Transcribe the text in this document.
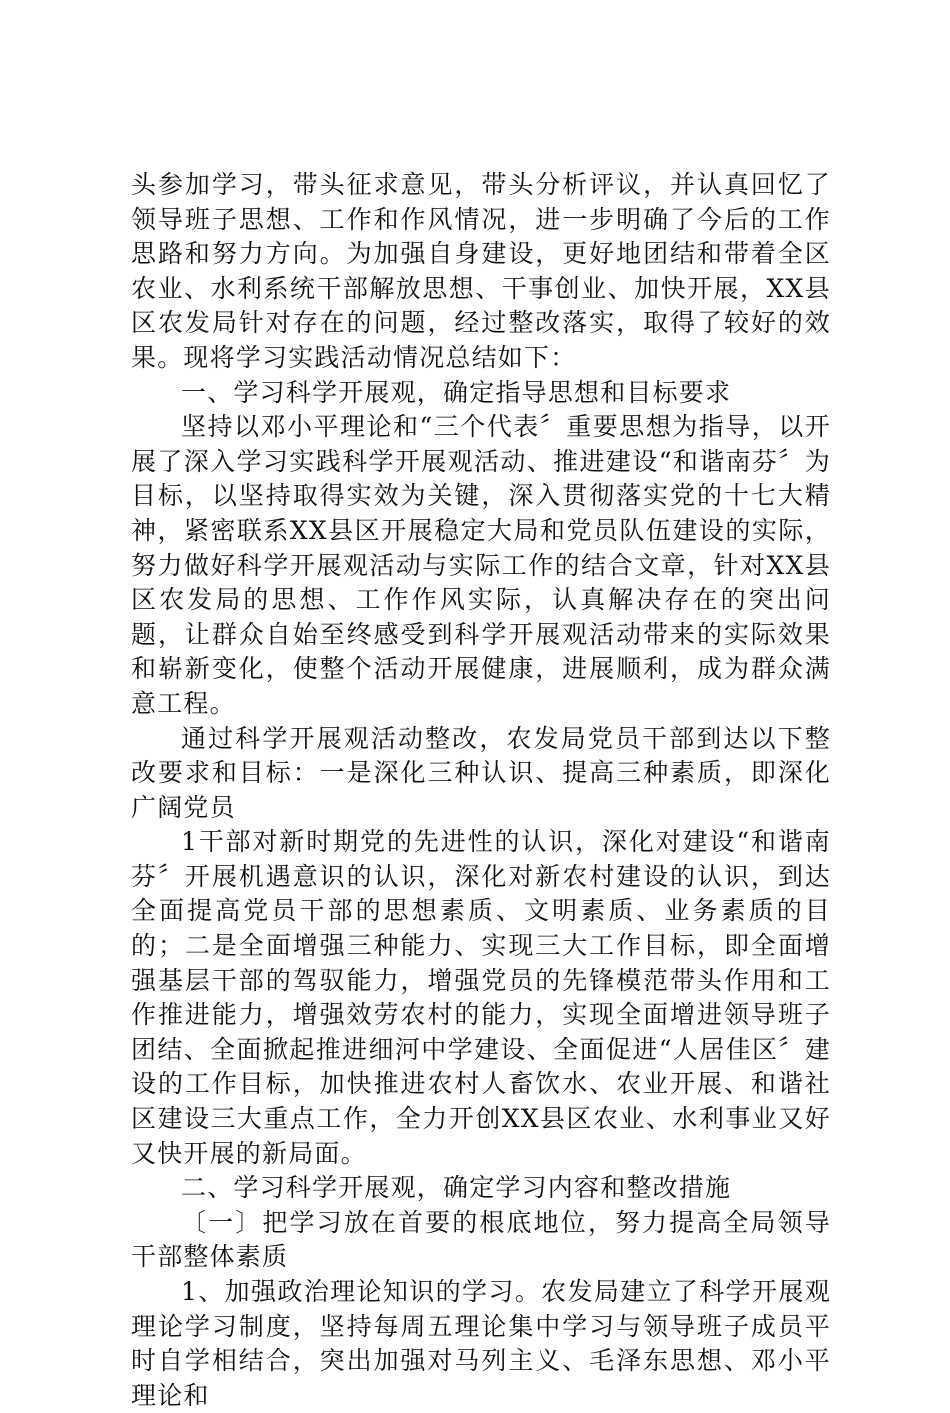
头参加学习，带头征求意见，带头分析评议，并认真回忆了领导班子思想、工作和作风情况，进一步明确了今后的工作思路和努力方向。为加强自身建设，更好地团结和带着全区农业、水利系统干部解放思想、干事创业、加快开展，XX县区农发局针对存在的问题，经过整改落实，取得了较好的效果。现将学习实践活动情况总结如下：

一、学习科学开展观，确定指导思想和目标要求

坚持以邓小平理论和“三个代表〞重要思想为指导，以开展了深入学习实践科学开展观活动、推进建设“和谐南芬〞为目标，以坚持取得实效为关键，深入贯彻落实党的十七大精神，紧密联系XX县区开展稳定大局和党员队伍建设的实际，努力做好科学开展观活动与实际工作的结合文章，针对XX县区农发局的思想、工作作风实际，认真解决存在的突出问题，让群众自始至终感受到科学开展观活动带来的实际效果和崭新变化，使整个活动开展健康，进展顺利，成为群众满意工程。

通过科学开展观活动整改，农发局党员干部到达以下整改要求和目标：一是深化三种认识、提高三种素质，即深化广阔党员

1干部对新时期党的先进性的认识，深化对建设“和谐南芬〞开展机遇意识的认识，深化对新农村建设的认识，到达全面提高党员干部的思想素质、文明素质、业务素质的目的；二是全面增强三种能力、实现三大工作目标，即全面增强基层干部的驾驭能力，增强党员的先锋模范带头作用和工作推进能力，增强效劳农村的能力，实现全面增进领导班子团结、全面掀起推进细河中学建设、全面促进“人居佳区〞建设的工作目标，加快推进农村人畜饮水、农业开展、和谐社区建设三大重点工作，全力开创XX县区农业、水利事业又好又快开展的新局面。

二、学习科学开展观，确定学习内容和整改措施

〔一〕把学习放在首要的根底地位，努力提高全局领导干部整体素质

1、加强政治理论知识的学习。农发局建立了科学开展观理论学习制度，坚持每周五理论集中学习与领导班子成员平时自学相结合，突出加强对马列主义、毛泽东思想、邓小平理论和
